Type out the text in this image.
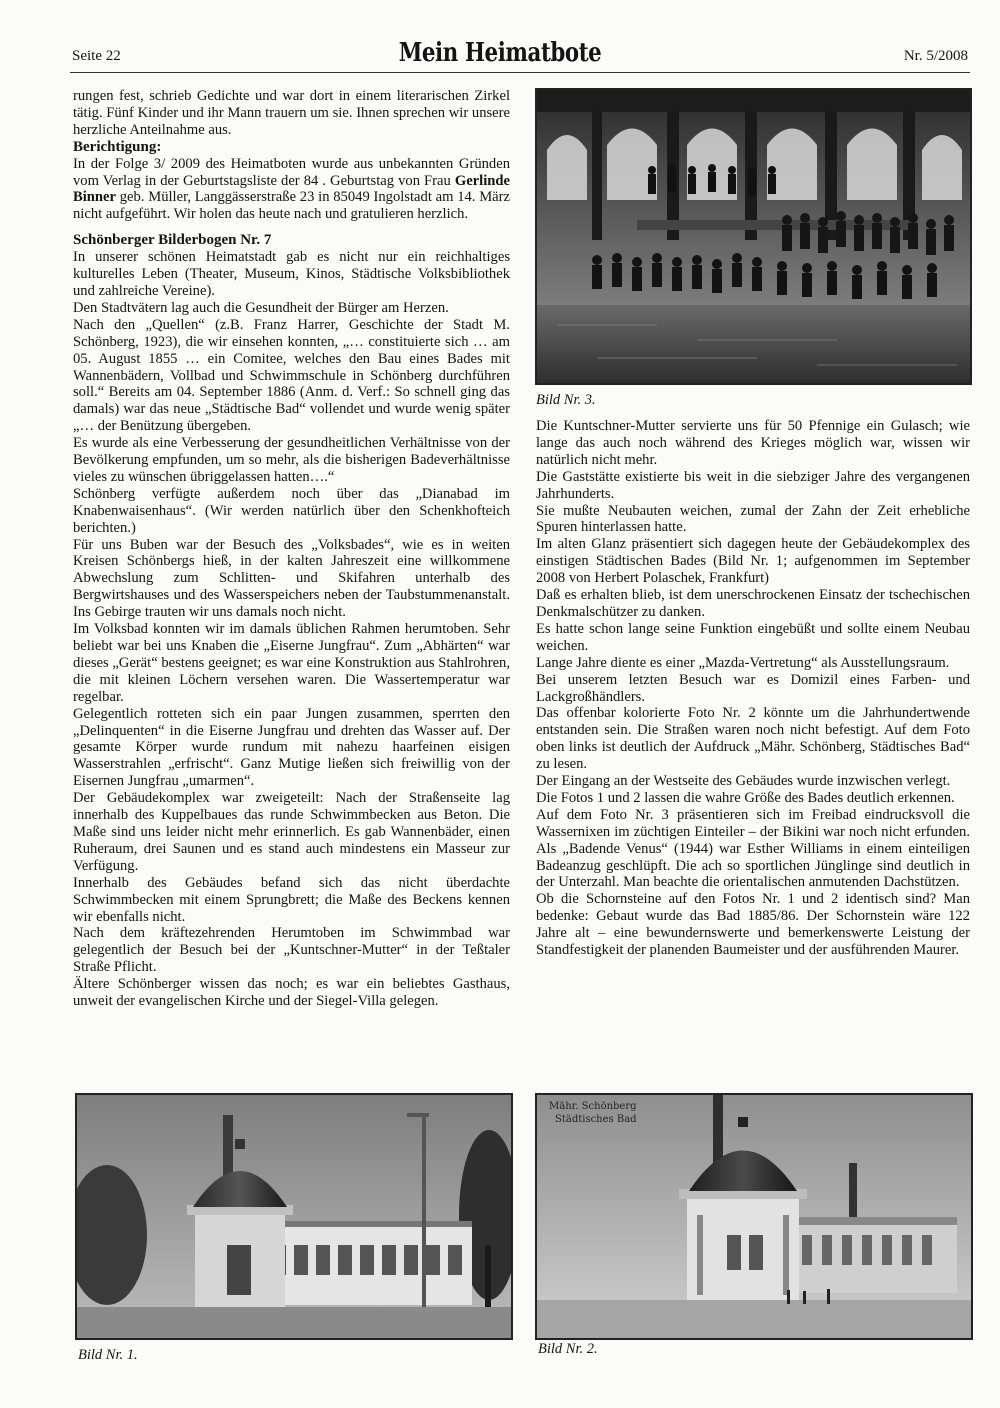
Seite 22	Mein Heimatbote	Nr. 5/2008

rungen fest, schrieb Gedichte und war dort in einem literarischen Zirkel tätig. Fünf Kinder und ihr Mann trauern um sie. Ihnen sprechen wir unsere herzliche Anteilnahme aus.

Berichtigung:

In der Folge 3/ 2009 des Heimatboten wurde aus unbekannten Gründen vom Verlag in der Geburtstagsliste der 84 . Geburtstag von Frau Gerlinde Binner geb. Müller, Langgässerstraße 23 in 85049 Ingolstadt am 14. März nicht aufgeführt. Wir holen das heute nach und gratulieren herzlich.

Schönberger Bilderbogen Nr. 7

In unserer schönen Heimatstadt gab es nicht nur ein reichhaltiges kulturelles Leben (Theater, Museum, Kinos, Städtische Volksbibliothek und zahlreiche Vereine).

Den Stadtvätern lag auch die Gesundheit der Bürger am Herzen.

Nach den „Quellen“ (z.B. Franz Harrer, Geschichte der Stadt M. Schönberg, 1923), die wir einsehen konnten, „… constituierte sich … am 05. August 1855 … ein Comitee, welches den Bau eines Bades mit Wannenbädern, Vollbad und Schwimmschule in Schönberg durchführen soll.“ Bereits am 04. September 1886 (Anm. d. Verf.: So schnell ging das damals) war das neue „Städtische Bad“ vollendet und wurde wenig später „… der Benützung übergeben.

Es wurde als eine Verbesserung der gesundheitlichen Verhältnisse von der Bevölkerung empfunden, um so mehr, als die bisherigen Badeverhältnisse vieles zu wünschen übriggelassen hatten….“

Schönberg verfügte außerdem noch über das „Dianabad im Knabenwaisenhaus“. (Wir werden natürlich über den Schenkhofteich berichten.)

Für uns Buben war der Besuch des „Volksbades“, wie es in weiten Kreisen Schönbergs hieß, in der kalten Jahreszeit eine willkommene Abwechslung zum Schlitten- und Skifahren unterhalb des Bergwirtshauses und des Wasserspeichers neben der Taubstummenanstalt. Ins Gebirge trauten wir uns damals noch nicht.

Im Volksbad konnten wir im damals üblichen Rahmen herumtoben. Sehr beliebt war bei uns Knaben die „Eiserne Jungfrau“. Zum „Abhärten“ war dieses „Gerät“ bestens geeignet; es war eine Konstruktion aus Stahlrohren, die mit kleinen Löchern versehen waren. Die Wassertemperatur war regelbar.

Gelegentlich rotteten sich ein paar Jungen zusammen, sperrten den „Delinquenten“ in die Eiserne Jungfrau und drehten das Wasser auf. Der gesamte Körper wurde rundum mit nahezu haarfeinen eisigen Wasserstrahlen „erfrischt“. Ganz Mutige ließen sich freiwillig von der Eisernen Jungfrau „umarmen“.

Der Gebäudekomplex war zweigeteilt: Nach der Straßenseite lag innerhalb des Kuppelbaues das runde Schwimmbecken aus Beton. Die Maße sind uns leider nicht mehr erinnerlich. Es gab Wannenbäder, einen Ruheraum, drei Saunen und es stand auch mindestens ein Masseur zur Verfügung.

Innerhalb des Gebäudes befand sich das nicht überdachte Schwimmbecken mit einem Sprungbrett; die Maße des Beckens kennen wir ebenfalls nicht.

Nach dem kräftezehrenden Herumtoben im Schwimmbad war gelegentlich der Besuch bei der „Kuntschner-Mutter“ in der Teßtaler Straße Pflicht.

Ältere Schönberger wissen das noch; es war ein beliebtes Gasthaus, unweit der evangelischen Kirche und der Siegel-Villa gelegen.

Die Kuntschner-Mutter servierte uns für 50 Pfennige ein Gulasch; wie lange das auch noch während des Krieges möglich war, wissen wir natürlich nicht mehr.

Die Gaststätte existierte bis weit in die siebziger Jahre des vergangenen Jahrhunderts.

Sie mußte Neubauten weichen, zumal der Zahn der Zeit erhebliche Spuren hinterlassen hatte.

Im alten Glanz präsentiert sich dagegen heute der Gebäudekomplex des einstigen Städtischen Bades (Bild Nr. 1; aufgenommen im September 2008 von Herbert Polaschek, Frankfurt)

Daß es erhalten blieb, ist dem unerschrockenen Einsatz der tschechischen Denkmalschützer zu danken.

Es hatte schon lange seine Funktion eingebüßt und sollte einem Neubau weichen.

Lange Jahre diente es einer „Mazda-Vertretung“ als Ausstellungsraum.

Bei unserem letzten Besuch war es Domizil eines Farben- und Lackgroßhändlers.

Das offenbar kolorierte Foto Nr. 2 könnte um die Jahrhundertwende entstanden sein. Die Straßen waren noch nicht befestigt. Auf dem Foto oben links ist deutlich der Aufdruck „Mähr. Schönberg, Städtisches Bad“ zu lesen.

Der Eingang an der Westseite des Gebäudes wurde inzwischen verlegt.

Die Fotos 1 und 2 lassen die wahre Größe des Bades deutlich erkennen.

Auf dem Foto Nr. 3 präsentieren sich im Freibad eindrucksvoll die Wassernixen im züchtigen Einteiler – der Bikini war noch nicht erfunden. Als „Badende Venus“ (1944) war Esther Williams in einem einteiligen Badeanzug geschlüpft. Die ach so sportlichen Jünglinge sind deutlich in der Unterzahl. Man beachte die orientalischen anmutenden Dachstützen.

Ob die Schornsteine auf den Fotos Nr. 1 und 2 identisch sind? Man bedenke: Gebaut wurde das Bad 1885/86. Der Schornstein wäre 122 Jahre alt – eine bewundernswerte und bemerkenswerte Leistung der Standfestigkeit der planenden Baumeister und der ausführenden Maurer.

Bild Nr. 3.
Bild Nr. 1.
Mähr. Schönberg
Städtisches Bad
Bild Nr. 2.
